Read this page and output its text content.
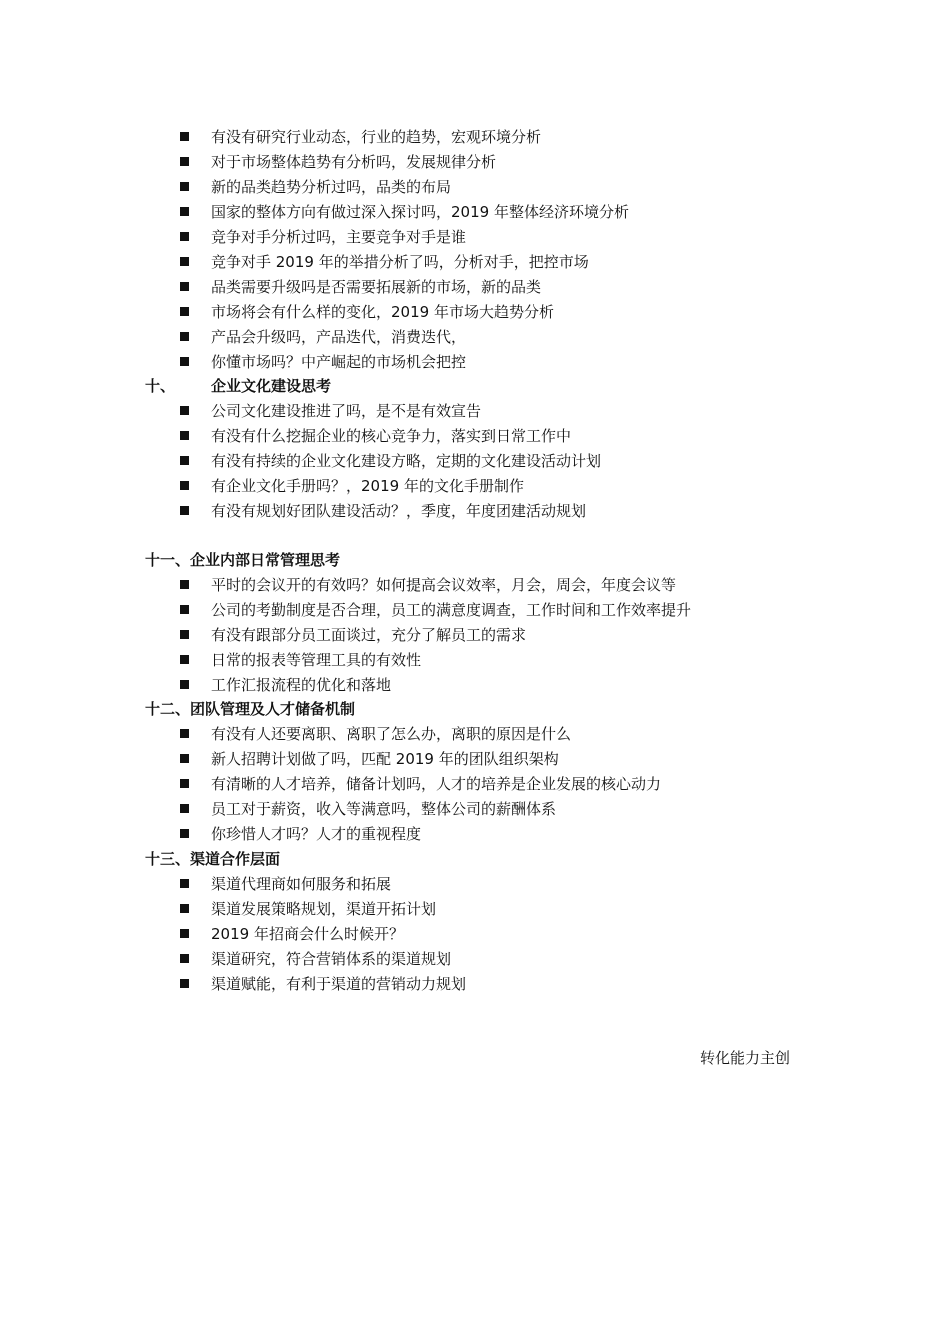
有没有研究行业动态，行业的趋势，宏观环境分析
对于市场整体趋势有分析吗，发展规律分析
新的品类趋势分析过吗，品类的布局
国家的整体方向有做过深入探讨吗，2019 年整体经济环境分析
竞争对手分析过吗，主要竞争对手是谁
竞争对手 2019 年的举措分析了吗，分析对手，把控市场
品类需要升级吗是否需要拓展新的市场，新的品类
市场将会有什么样的变化，2019 年市场大趋势分析
产品会升级吗，产品迭代，消费迭代，
你懂市场吗？中产崛起的市场机会把控
十、 企业文化建设思考
公司文化建设推进了吗，是不是有效宣告
有没有什么挖掘企业的核心竞争力，落实到日常工作中
有没有持续的企业文化建设方略，定期的文化建设活动计划
有企业文化手册吗？，2019 年的文化手册制作
有没有规划好团队建设活动？，季度，年度团建活动规划
十一、企业内部日常管理思考
平时的会议开的有效吗？如何提高会议效率，月会，周会，年度会议等
公司的考勤制度是否合理，员工的满意度调查，工作时间和工作效率提升
有没有跟部分员工面谈过，充分了解员工的需求
日常的报表等管理工具的有效性
工作汇报流程的优化和落地
十二、团队管理及人才储备机制
有没有人还要离职、离职了怎么办，离职的原因是什么
新人招聘计划做了吗，匹配 2019 年的团队组织架构
有清晰的人才培养，储备计划吗，人才的培养是企业发展的核心动力
员工对于薪资，收入等满意吗，整体公司的薪酬体系
你珍惜人才吗？人才的重视程度
十三、渠道合作层面
渠道代理商如何服务和拓展
渠道发展策略规划，渠道开拓计划
2019 年招商会什么时候开？
渠道研究，符合营销体系的渠道规划
渠道赋能，有利于渠道的营销动力规划
转化能力主创
